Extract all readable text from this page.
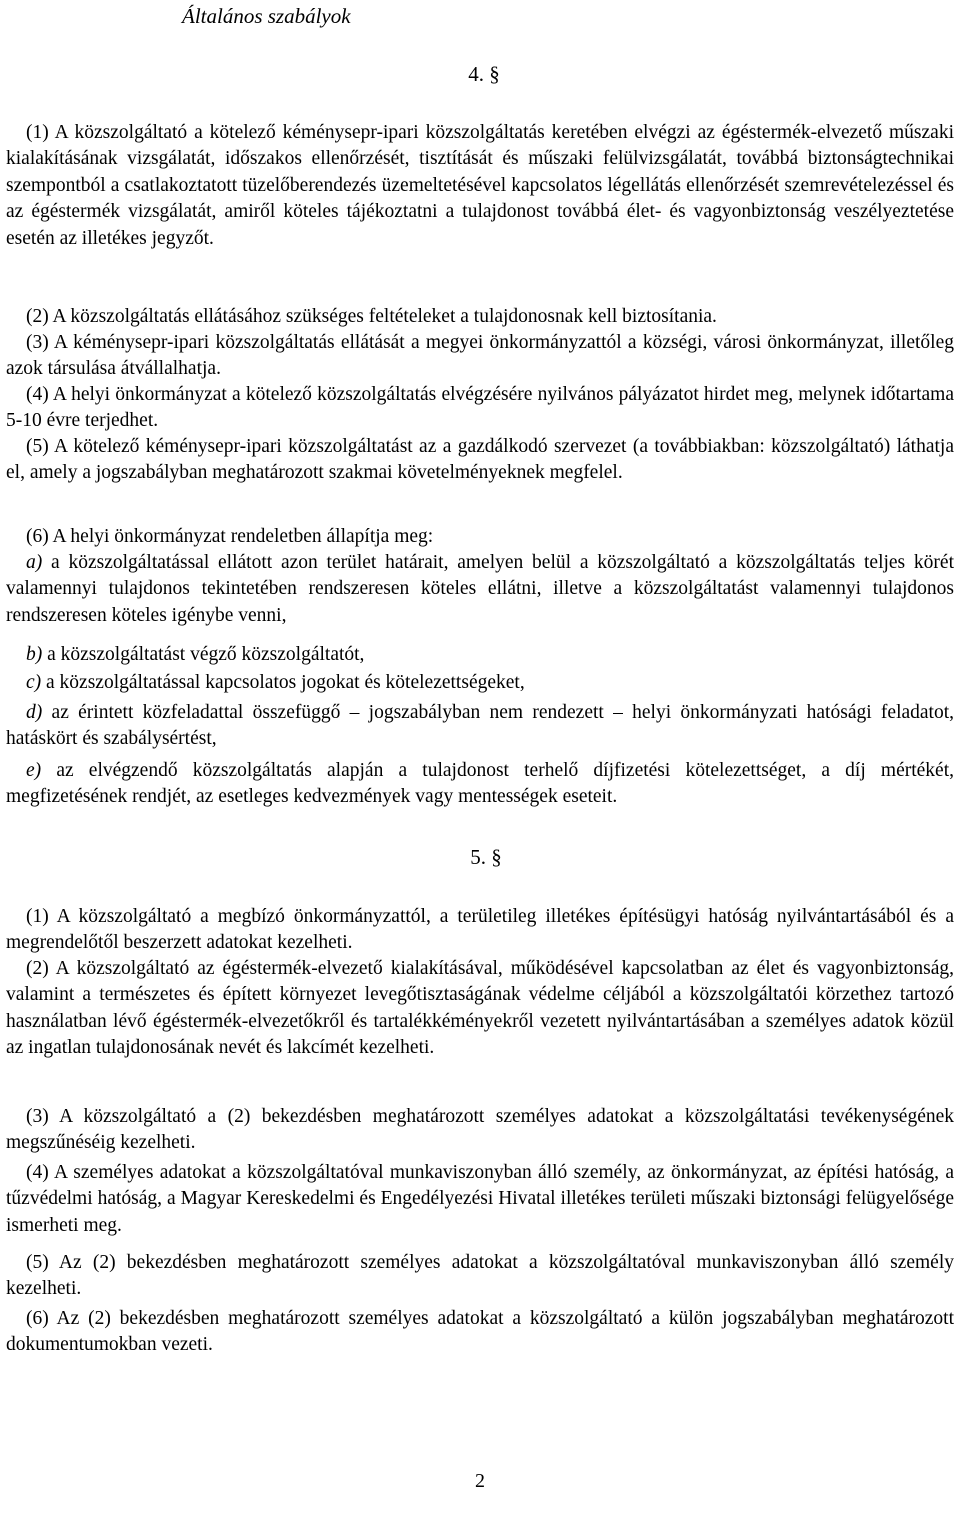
Általános szabályok
4. §
(1) A közszolgáltató a kötelező kéménysepr-ipari közszolgáltatás keretében elvégzi az égéstermék-elvezető műszaki kialakításának vizsgálatát, időszakos ellenőrzését, tisztítását és műszaki felülvizsgálatát, továbbá biztonságtechnikai szempontból a csatlakoztatott tüzelőberendezés üzemeltetésével kapcsolatos légellátás ellenőrzését szemrevételezéssel és az égéstermék vizsgálatát, amiről köteles tájékoztatni a tulajdonost továbbá élet- és vagyonbiztonság veszélyeztetése esetén az illetékes jegyzőt.
(2) A közszolgáltatás ellátásához szükséges feltételeket a tulajdonosnak kell biztosítania.
(3) A kéménysepr-ipari közszolgáltatás ellátását a megyei önkormányzattól a községi, városi önkormányzat, illetőleg azok társulása átvállalhatja.
(4) A helyi önkormányzat a kötelező közszolgáltatás elvégzésére nyilvános pályázatot hirdet meg, melynek időtartama 5-10 évre terjedhet.
(5) A kötelező kéménysepr-ipari közszolgáltatást az a gazdálkodó szervezet (a továbbiakban: közszolgáltató) láthatja el, amely a jogszabályban meghatározott szakmai követelményeknek megfelel.
(6) A helyi önkormányzat rendeletben állapítja meg:
a) a közszolgáltatással ellátott azon terület határait, amelyen belül a közszolgáltató a közszolgáltatás teljes körét valamennyi tulajdonos tekintetében rendszeresen köteles ellátni, illetve a közszolgáltatást valamennyi tulajdonos rendszeresen köteles igénybe venni,
b) a közszolgáltatást végző közszolgáltatót,
c) a közszolgáltatással kapcsolatos jogokat és kötelezettségeket,
d) az érintett közfeladattal összefüggő – jogszabályban nem rendezett – helyi önkormányzati hatósági feladatot, hatáskört és szabálysértést,
e) az elvégzendő közszolgáltatás alapján a tulajdonost terhelő díjfizetési kötelezettséget, a díj mértékét, megfizetésének rendjét, az esetleges kedvezmények vagy mentességek eseteit.
5. §
(1) A közszolgáltató a megbízó önkormányzattól, a területileg illetékes építésügyi hatóság nyilvántartásából és a megrendelőtől beszerzett adatokat kezelheti.
(2) A közszolgáltató az égéstermék-elvezető kialakításával, működésével kapcsolatban az élet és vagyonbiztonság, valamint a természetes és épített környezet levegőtisztaságának védelme céljából a közszolgáltatói körzethez tartozó használatban lévő égéstermék-elvezetőkről és tartalékkéményekről vezetett nyilvántartásában a személyes adatok közül az ingatlan tulajdonosának nevét és lakcímét kezelheti.
(3) A közszolgáltató a (2) bekezdésben meghatározott személyes adatokat a közszolgáltatási tevékenységének megszűnéséig kezelheti.
(4) A személyes adatokat a közszolgáltatóval munkaviszonyban álló személy, az önkormányzat, az építési hatóság, a tűzvédelmi hatóság, a Magyar Kereskedelmi és Engedélyezési Hivatal illetékes területi műszaki biztonsági felügyelősége ismerheti meg.
(5) Az (2) bekezdésben meghatározott személyes adatokat a közszolgáltatóval munkaviszonyban álló személy kezelheti.
(6) Az (2) bekezdésben meghatározott személyes adatokat a közszolgáltató a külön jogszabályban meghatározott dokumentumokban vezeti.
2
